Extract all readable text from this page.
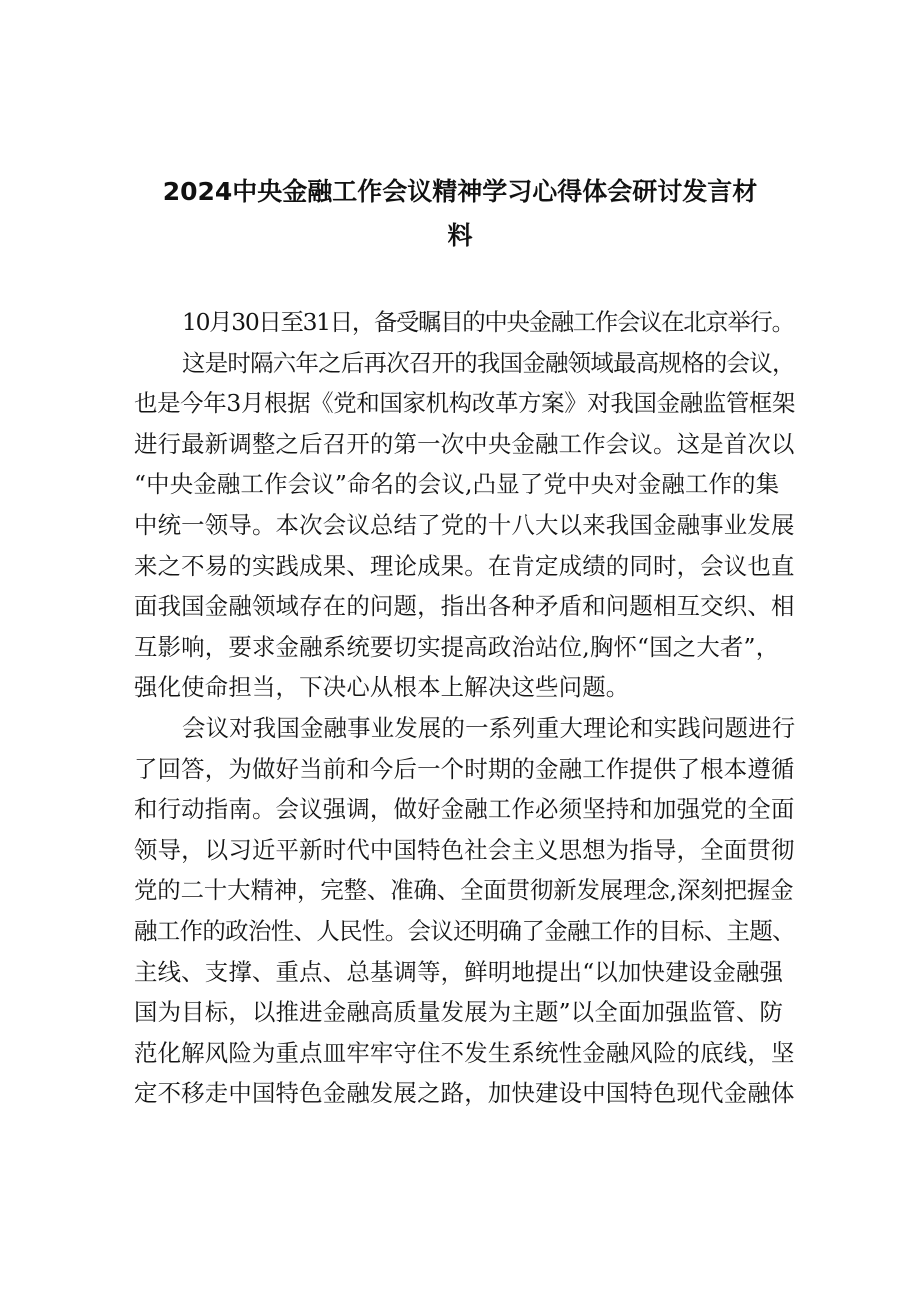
2024中央金融工作会议精神学习心得体会研讨发言材
料
10月30日至31日，备受瞩目的中央金融工作会议在北京举行。
这是时隔六年之后再次召开的我国金融领域最高规格的会议，
也是今年3月根据《党和国家机构改革方案》对我国金融监管框架
进行最新调整之后召开的第一次中央金融工作会议。这是首次以
“中央金融工作会议”命名的会议,凸显了党中央对金融工作的集
中统一领导。本次会议总结了党的十八大以来我国金融事业发展
来之不易的实践成果、理论成果。在肯定成绩的同时，会议也直
面我国金融领域存在的问题，指出各种矛盾和问题相互交织、相
互影响，要求金融系统要切实提高政治站位,胸怀“国之大者”，
强化使命担当，下决心从根本上解决这些问题。
会议对我国金融事业发展的一系列重大理论和实践问题进行
了回答，为做好当前和今后一个时期的金融工作提供了根本遵循
和行动指南。会议强调，做好金融工作必须坚持和加强党的全面
领导，以习近平新时代中国特色社会主义思想为指导，全面贯彻
党的二十大精神，完整、准确、全面贯彻新发展理念,深刻把握金
融工作的政治性、人民性。会议还明确了金融工作的目标、主题、
主线、支撑、重点、总基调等，鲜明地提出“以加快建设金融强
国为目标，以推进金融高质量发展为主题”以全面加强监管、防
范化解风险为重点皿牢牢守住不发生系统性金融风险的底线，坚
定不移走中国特色金融发展之路，加快建设中国特色现代金融体
